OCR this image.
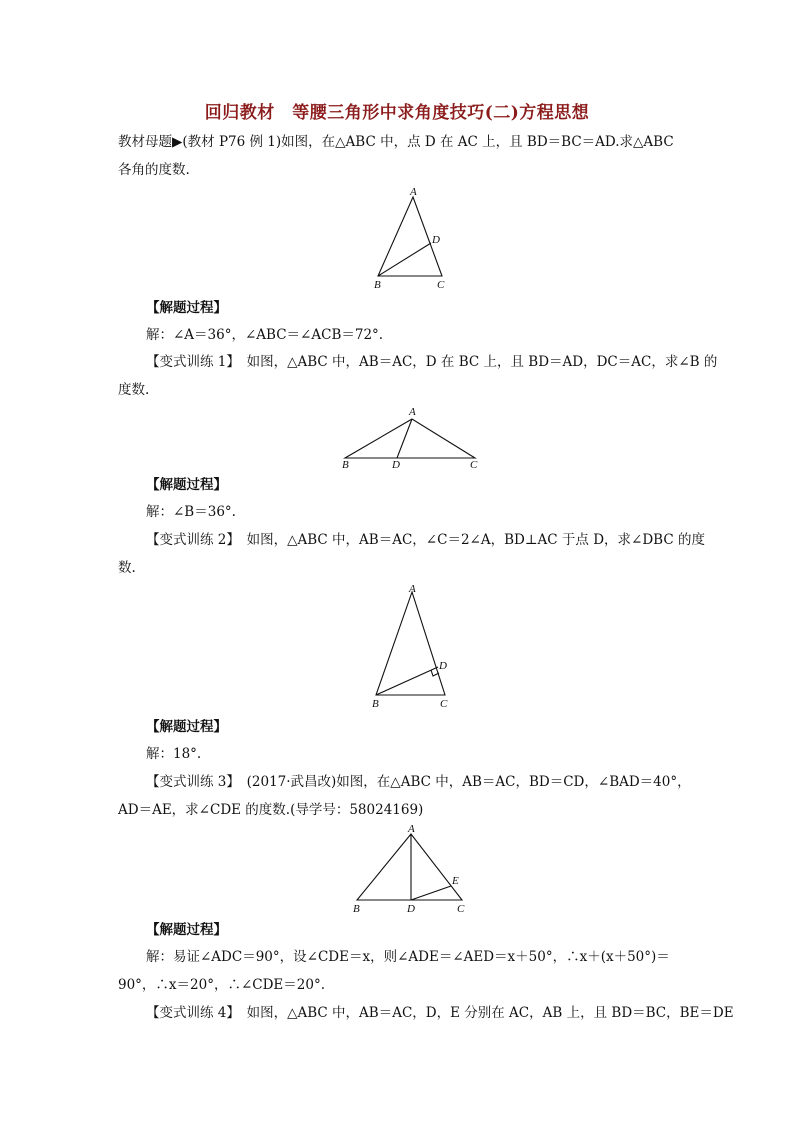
回归教材　等腰三角形中求角度技巧(二)方程思想
教材母题▶(教材 P76 例 1)如图，在△ABC 中，点 D 在 AC 上，且 BD＝BC＝AD.求△ABC
各角的度数.
A
B	C
D
【解题过程】
解：∠A＝36°，∠ABC＝∠ACB＝72°.
【变式训练 1】　如图，△ABC 中，AB＝AC，D 在 BC 上，且 BD＝AD，DC＝AC，求∠B 的
度数.
A
B	D	C
【解题过程】
解：∠B＝36°.
【变式训练 2】　如图，△ABC 中，AB＝AC，∠C＝2∠A，BD⊥AC 于点 D，求∠DBC 的度
数.
A
B	C
D
【解题过程】
解：18°.
【变式训练 3】　(2017·武昌改)如图，在△ABC 中，AB＝AC，BD＝CD，∠BAD＝40°，
AD＝AE，求∠CDE 的度数.(导学号：58024169)
A
B	D	C
E
【解题过程】
解：易证∠ADC＝90°，设∠CDE＝x，则∠ADE＝∠AED＝x＋50°，∴x＋(x＋50°)＝
90°，∴x＝20°，∴∠CDE＝20°.
【变式训练 4】　如图，△ABC 中，AB＝AC，D，E 分别在 AC，AB 上，且 BD＝BC，BE＝DE
